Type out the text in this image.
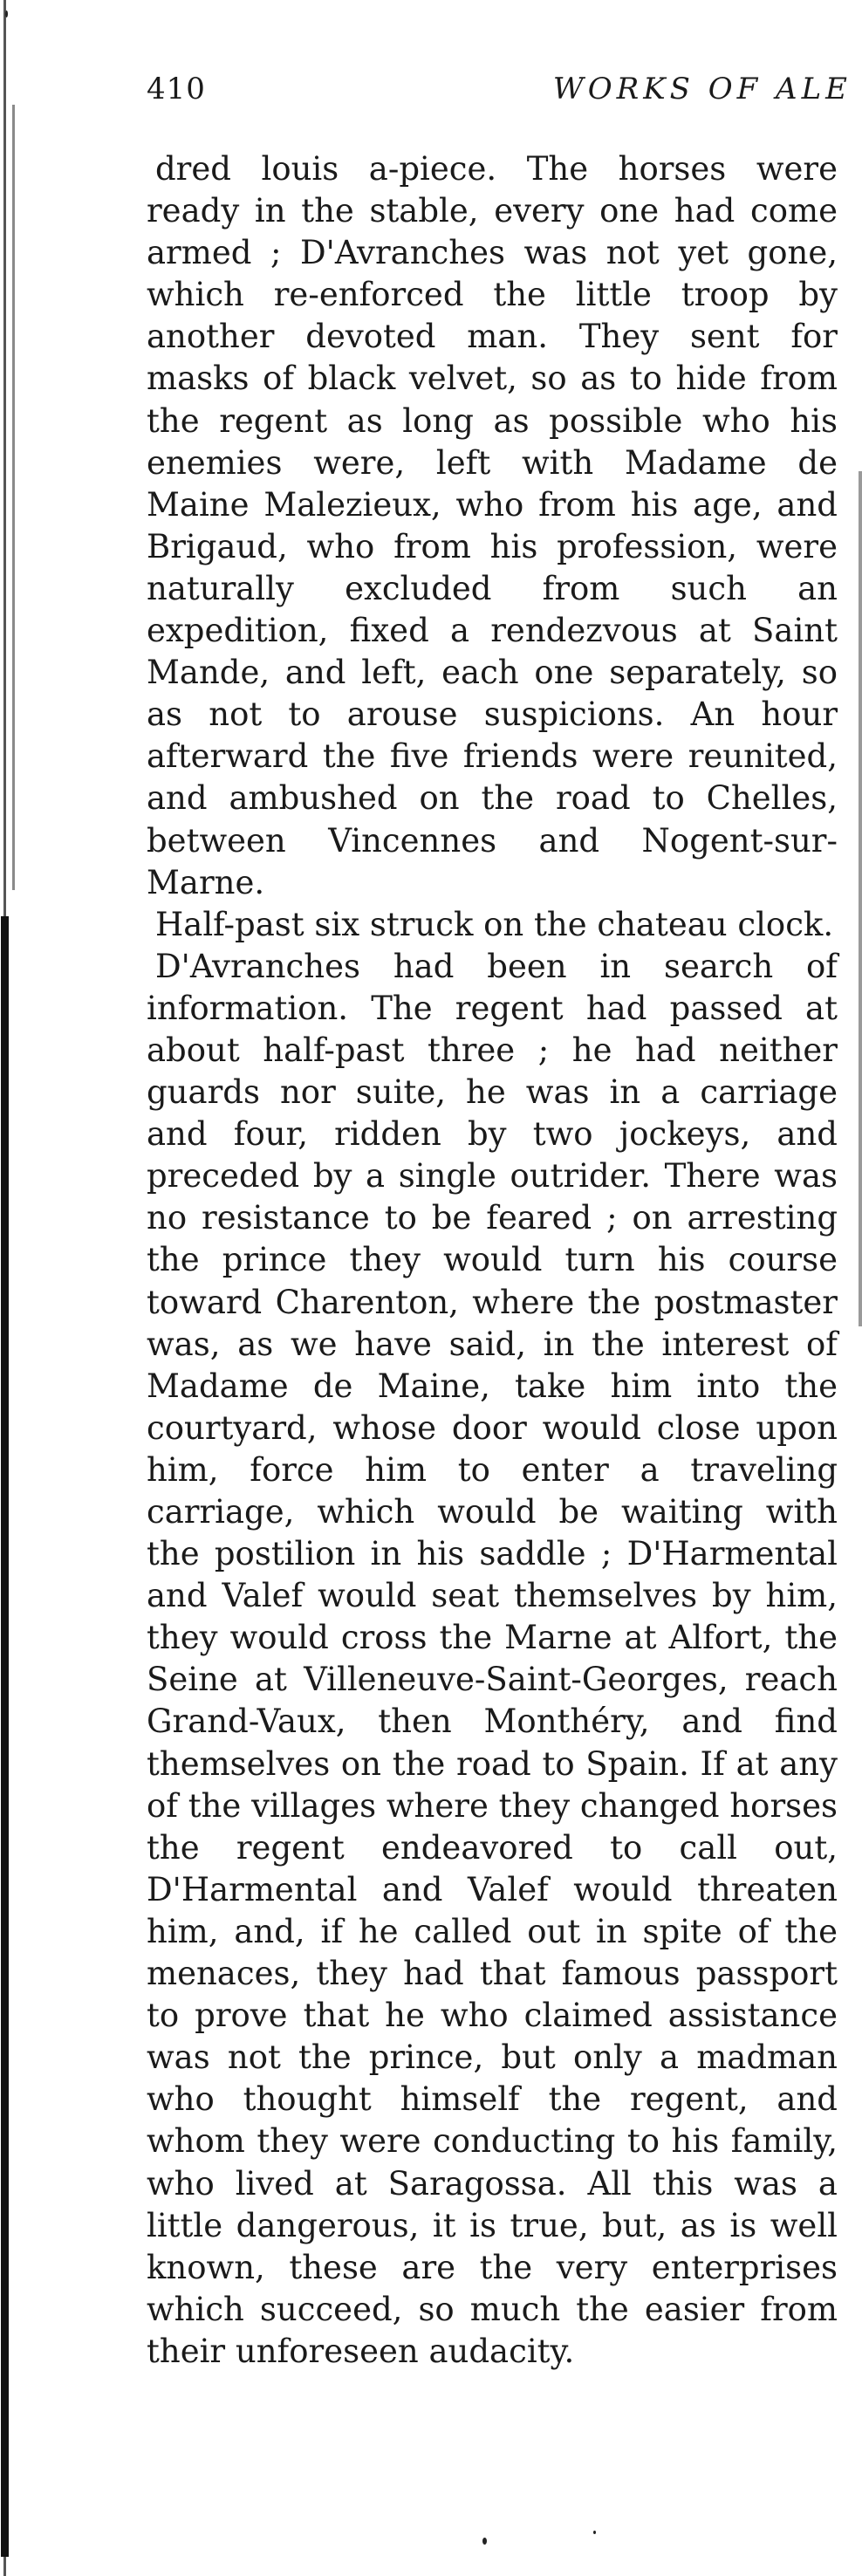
410	WORKS OF ALE

dred louis a-piece. The horses were ready in the stable, every one had come armed ; D'Avranches was not yet gone, which re-enforced the little troop by another devoted man. They sent for masks of black velvet, so as to hide from the regent as long as possible who his enemies were, left with Madame de Maine Malezieux, who from his age, and Brigaud, who from his profession, were naturally excluded from such an expedition, fixed a rendezvous at Saint Mande, and left, each one separately, so as not to arouse suspicions. An hour afterward the five friends were reunited, and ambushed on the road to Chelles, between Vincennes and Nogent-sur-Marne.

Half-past six struck on the chateau clock.

D'Avranches had been in search of information. The regent had passed at about half-past three ; he had neither guards nor suite, he was in a carriage and four, ridden by two jockeys, and preceded by a single outrider. There was no resistance to be feared ; on arresting the prince they would turn his course toward Charenton, where the postmaster was, as we have said, in the interest of Madame de Maine, take him into the courtyard, whose door would close upon him, force him to enter a traveling carriage, which would be waiting with the postilion in his saddle ; D'Harmental and Valef would seat themselves by him, they would cross the Marne at Alfort, the Seine at Villeneuve-Saint-Georges, reach Grand-Vaux, then Monthéry, and find themselves on the road to Spain. If at any of the villages where they changed horses the regent endeavored to call out, D'Harmental and Valef would threaten him, and, if he called out in spite of the menaces, they had that famous passport to prove that he who claimed assistance was not the prince, but only a madman who thought himself the regent, and whom they were conducting to his family, who lived at Saragossa. All this was a little dangerous, it is true, but, as is well known, these are the very enterprises which succeed, so much the easier from their unforeseen audacity.
